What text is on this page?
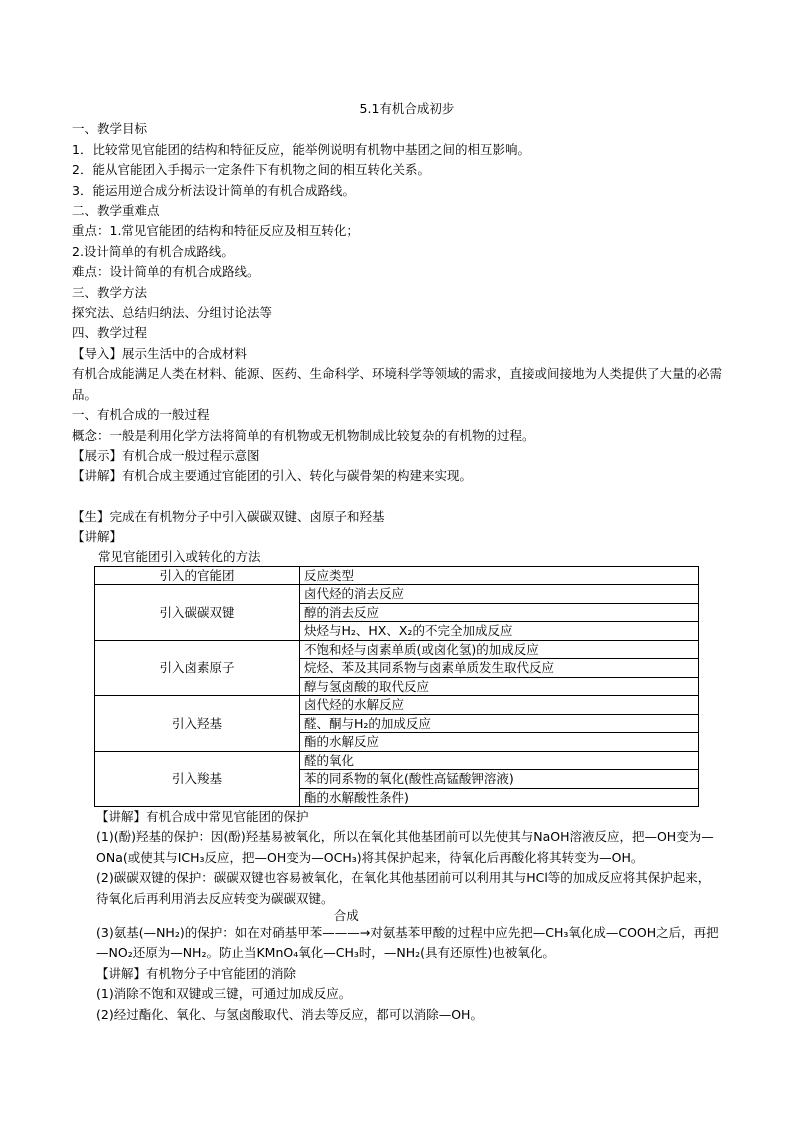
5.1有机合成初步
一、教学目标
1．比较常见官能团的结构和特征反应，能举例说明有机物中基团之间的相互影响。
2．能从官能团入手揭示一定条件下有机物之间的相互转化关系。
3．能运用逆合成分析法设计简单的有机合成路线。
二、教学重难点
重点：1.常见官能团的结构和特征反应及相互转化；
2.设计简单的有机合成路线。
难点：设计简单的有机合成路线。
三、教学方法
探究法、总结归纳法、分组讨论法等
四、教学过程
【导入】展示生活中的合成材料
有机合成能满足人类在材料、能源、医药、生命科学、环境科学等领域的需求，直接或间接地为人类提供了大量的必需品。
一、有机合成的一般过程
概念：一般是利用化学方法将简单的有机物或无机物制成比较复杂的有机物的过程。
【展示】有机合成一般过程示意图
【讲解】有机合成主要通过官能团的引入、转化与碳骨架的构建来实现。
【生】完成在有机物分子中引入碳碳双键、卤原子和羟基
【讲解】
常见官能团引入或转化的方法
引入的官能团	反应类型
引入碳碳双键	卤代烃的消去反应
	醇的消去反应
	炔烃与H₂、HX、X₂的不完全加成反应
引入卤素原子	不饱和烃与卤素单质(或卤化氢)的加成反应
	烷烃、苯及其同系物与卤素单质发生取代反应
	醇与氢卤酸的取代反应
引入羟基	卤代烃的水解反应
	醛、酮与H₂的加成反应
	酯的水解反应
引入羧基	醛的氧化
	苯的同系物的氧化(酸性高锰酸钾溶液)
	酯的水解酸性条件)
【讲解】有机合成中常见官能团的保护
(1)(酚)羟基的保护：因(酚)羟基易被氧化，所以在氧化其他基团前可以先使其与NaOH溶液反应，把—OH变为—ONa(或使其与ICH₃反应，把—OH变为—OCH₃)将其保护起来，待氧化后再酸化将其转变为—OH。
(2)碳碳双键的保护：碳碳双键也容易被氧化，在氧化其他基团前可以利用其与HCl等的加成反应将其保护起来，待氧化后再利用消去反应转变为碳碳双键。
(3)氨基(—NH₂)的保护：如在对硝基甲苯
合成
———→对氨基苯甲酸的过程中应先把—CH₃氧化成—COOH之后，再把—NO₂还原为—NH₂。防止当KMnO₄氧化—CH₃时，—NH₂(具有还原性)也被氧化。
【讲解】有机物分子中官能团的消除
(1)消除不饱和双键或三键，可通过加成反应。
(2)经过酯化、氧化、与氢卤酸取代、消去等反应，都可以消除—OH。
